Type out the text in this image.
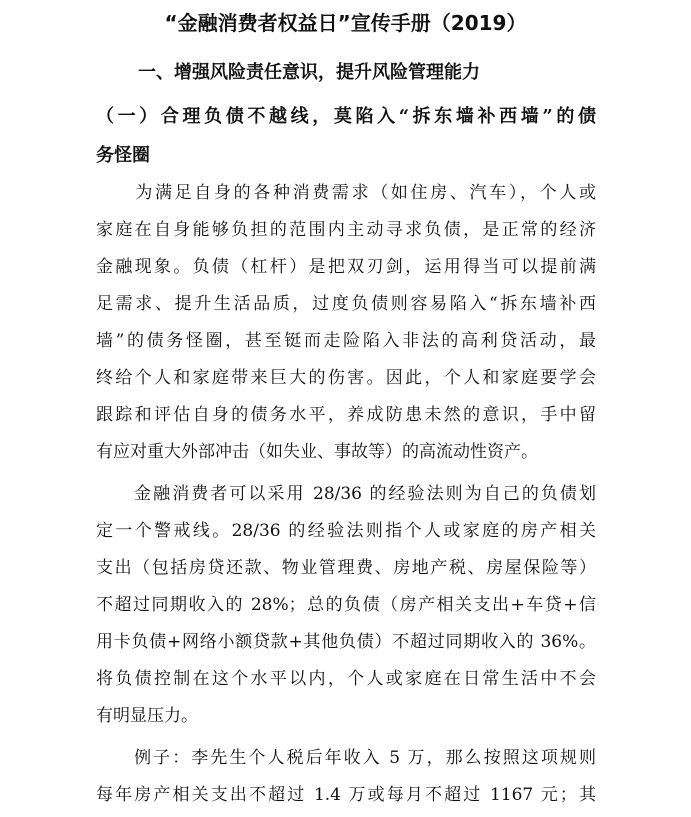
“金融消费者权益日”宣传手册（2019）
一、增强风险责任意识，提升风险管理能力
（一）合理负债不越线，莫陷入“拆东墙补西墙”的债
务怪圈
　　为满足自身的各种消费需求（如住房、汽车），个人或
家庭在自身能够负担的范围内主动寻求负债，是正常的经济
金融现象。负债（杠杆）是把双刃剑，运用得当可以提前满
足需求、提升生活品质，过度负债则容易陷入“拆东墙补西
墙”的债务怪圈，甚至铤而走险陷入非法的高利贷活动，最
终给个人和家庭带来巨大的伤害。因此，个人和家庭要学会
跟踪和评估自身的债务水平，养成防患未然的意识，手中留
有应对重大外部冲击（如失业、事故等）的高流动性资产。
　　金融消费者可以采用 28/36 的经验法则为自己的负债划
定一个警戒线。28/36 的经验法则指个人或家庭的房产相关
支出（包括房贷还款、物业管理费、房地产税、房屋保险等）
不超过同期收入的 28%；总的负债（房产相关支出+车贷+信
用卡负债+网络小额贷款+其他负债）不超过同期收入的 36%。
将负债控制在这个水平以内，个人或家庭在日常生活中不会
有明显压力。
　　例子：李先生个人税后年收入 5 万，那么按照这项规则
每年房产相关支出不超过 1.4 万或每月不超过 1167 元；其
